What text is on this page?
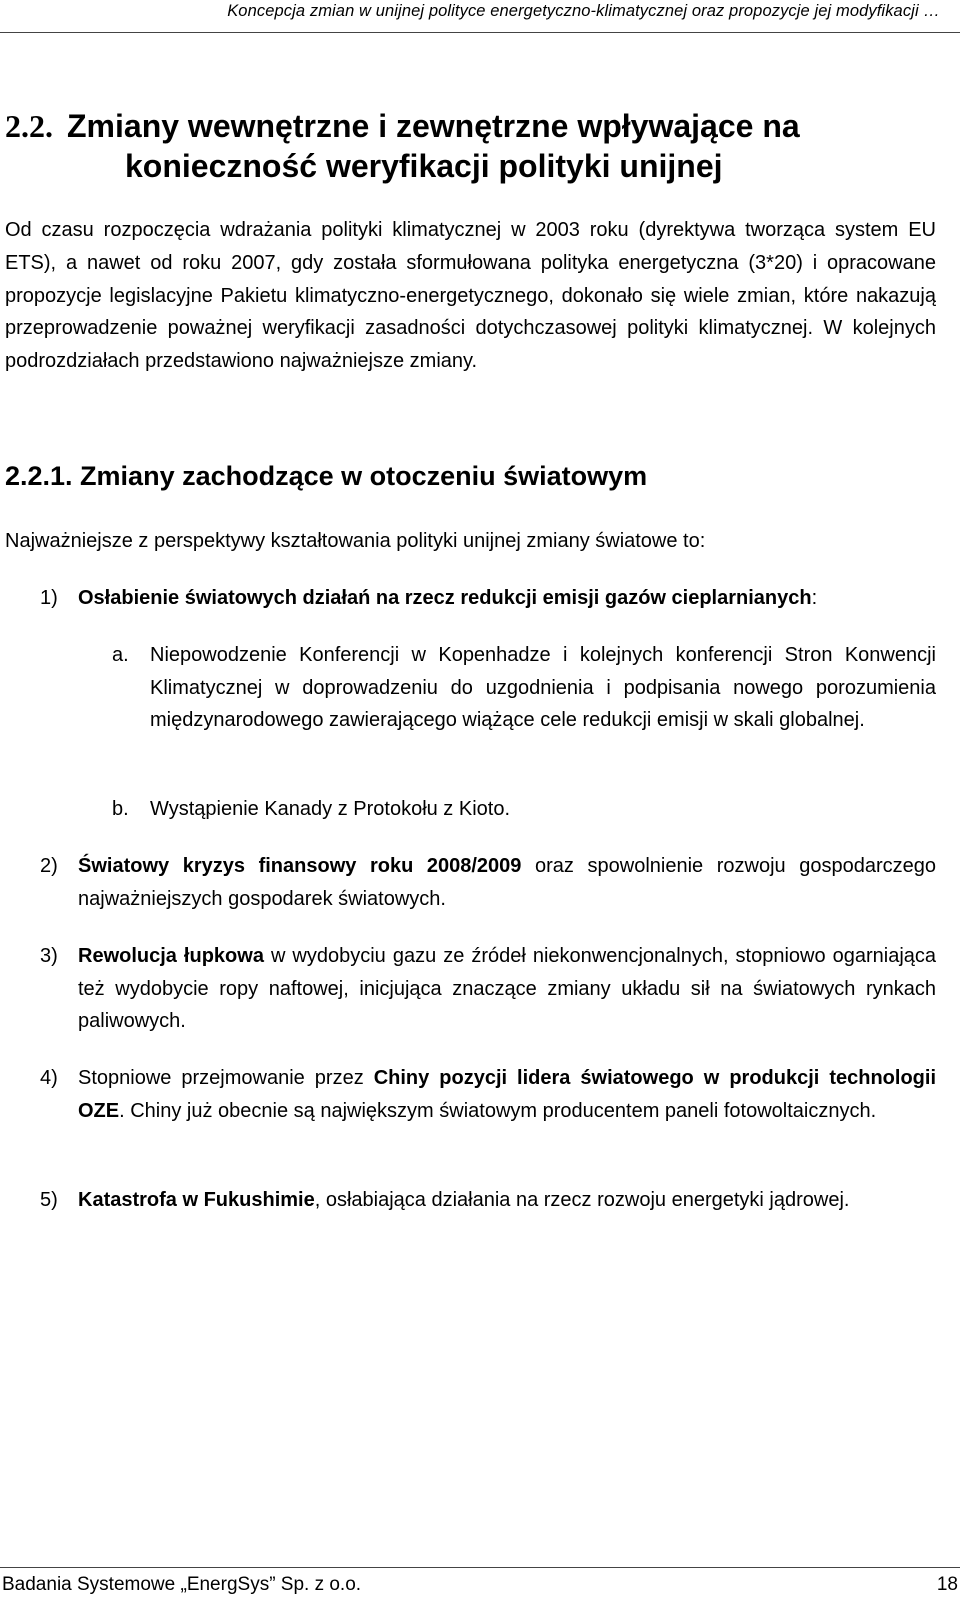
Koncepcja zmian w unijnej polityce energetyczno-klimatycznej oraz propozycje jej modyfikacji …
2.2. Zmiany wewnętrzne i zewnętrzne wpływające na
konieczność weryfikacji polityki unijnej
Od czasu rozpoczęcia wdrażania polityki klimatycznej w 2003 roku (dyrektywa tworząca system EU ETS), a nawet od roku 2007, gdy została sformułowana polityka energetyczna (3*20) i opracowane propozycje legislacyjne Pakietu klimatyczno-energetycznego, dokonało się wiele zmian, które nakazują przeprowadzenie poważnej weryfikacji zasadności dotychczasowej polityki klimatycznej. W kolejnych podrozdziałach przedstawiono najważniejsze zmiany.
2.2.1. Zmiany zachodzące w otoczeniu światowym
Najważniejsze z perspektywy kształtowania polityki unijnej zmiany światowe to:
1) Osłabienie światowych działań na rzecz redukcji emisji gazów cieplarnianych:
a. Niepowodzenie Konferencji w Kopenhadze i kolejnych konferencji Stron Konwencji Klimatycznej w doprowadzeniu do uzgodnienia i podpisania nowego porozumienia międzynarodowego zawierającego wiążące cele redukcji emisji w skali globalnej.
b. Wystąpienie Kanady z Protokołu z Kioto.
2) Światowy kryzys finansowy roku 2008/2009 oraz spowolnienie rozwoju gospodarczego najważniejszych gospodarek światowych.
3) Rewolucja łupkowa w wydobyciu gazu ze źródeł niekonwencjonalnych, stopniowo ogarniająca też wydobycie ropy naftowej, inicjująca znaczące zmiany układu sił na światowych rynkach paliwowych.
4) Stopniowe przejmowanie przez Chiny pozycji lidera światowego w produkcji technologii OZE. Chiny już obecnie są największym światowym producentem paneli fotowoltaicznych.
5) Katastrofa w Fukushimie, osłabiająca działania na rzecz rozwoju energetyki jądrowej.
Badania Systemowe „EnergSys” Sp. z o.o.	18
